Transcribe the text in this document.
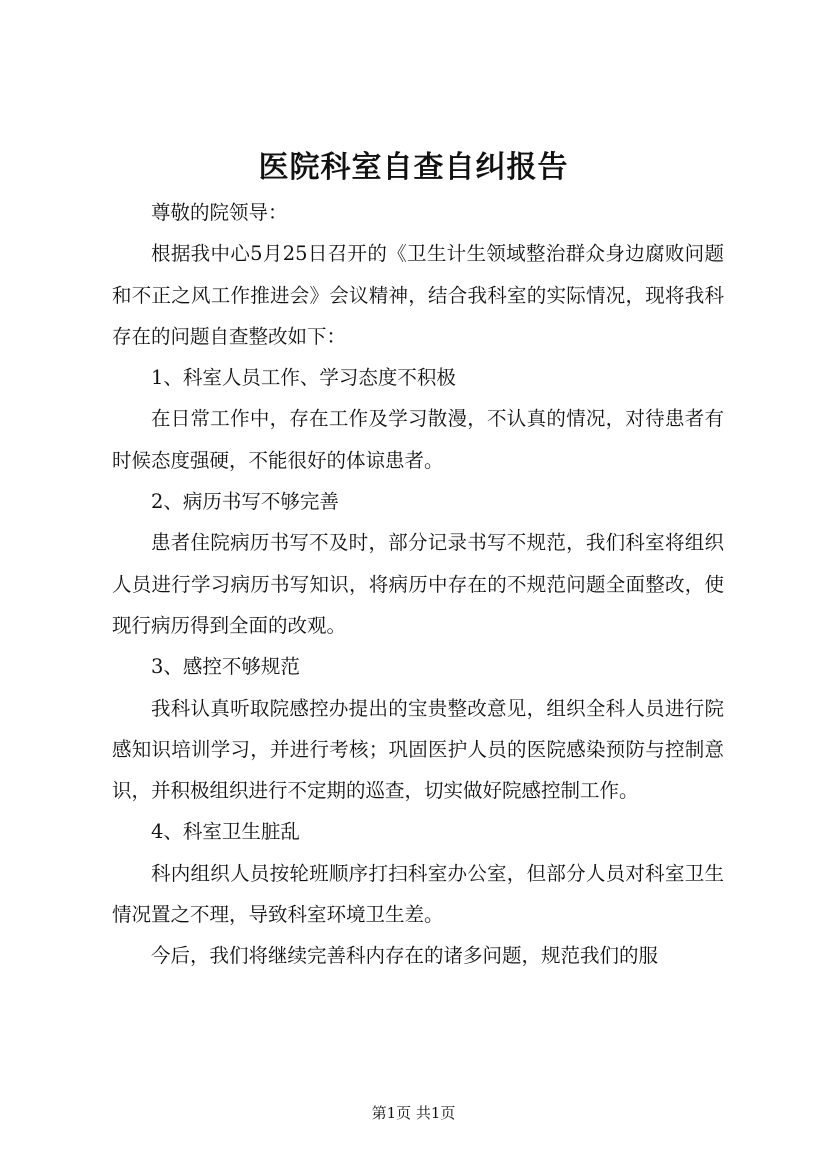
医院科室自查自纠报告

尊敬的院领导：

根据我中心5月25日召开的《卫生计生领域整治群众身边腐败问题和不正之风工作推进会》会议精神，结合我科室的实际情况，现将我科存在的问题自查整改如下：

1、科室人员工作、学习态度不积极

在日常工作中，存在工作及学习散漫，不认真的情况，对待患者有时候态度强硬，不能很好的体谅患者。

2、病历书写不够完善

患者住院病历书写不及时，部分记录书写不规范，我们科室将组织人员进行学习病历书写知识，将病历中存在的不规范问题全面整改，使现行病历得到全面的改观。

3、感控不够规范

我科认真听取院感控办提出的宝贵整改意见，组织全科人员进行院感知识培训学习，并进行考核；巩固医护人员的医院感染预防与控制意识，并积极组织进行不定期的巡查，切实做好院感控制工作。

4、科室卫生脏乱

科内组织人员按轮班顺序打扫科室办公室，但部分人员对科室卫生情况置之不理，导致科室环境卫生差。

今后，我们将继续完善科内存在的诸多问题，规范我们的服

第1页 共1页
